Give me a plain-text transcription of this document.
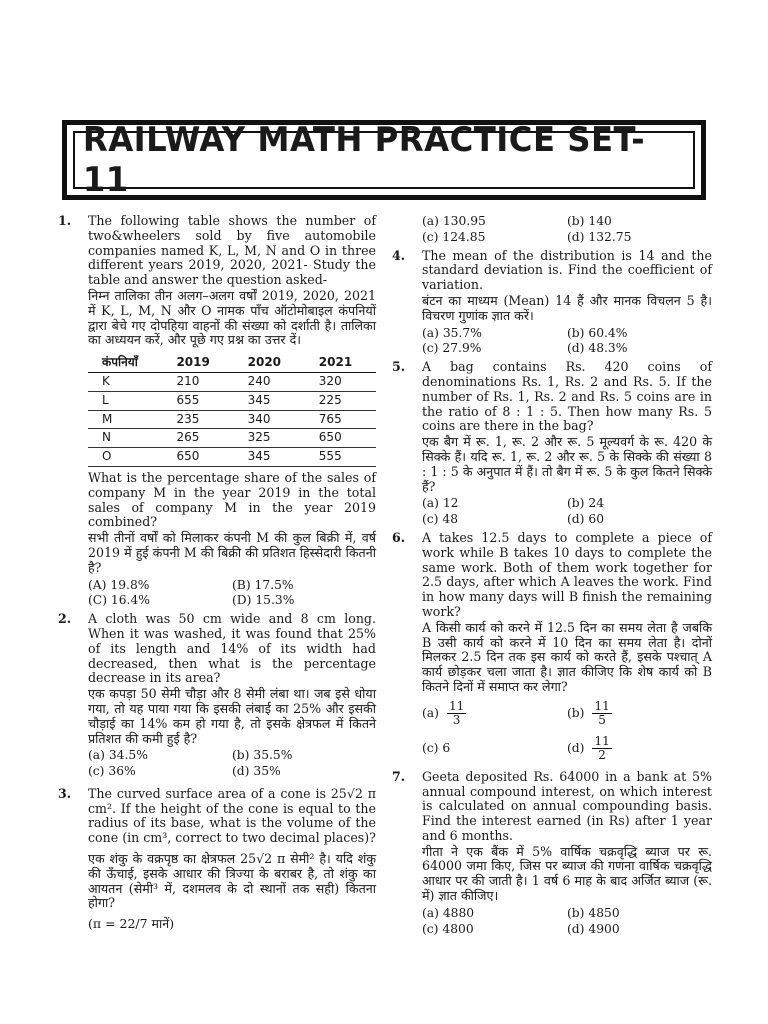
RAILWAY MATH PRACTICE SET-11
1. The following table shows the number of two&wheelers sold by five automobile companies named K, L, M, N and O in three different years 2019, 2020, 2021- Study the table and answer the question asked-
निम्न तालिका तीन अलग–अलग वर्षों 2019, 2020, 2021 में K, L, M, N और O नामक पाँच ऑटोमोबाइल कंपनियों द्वारा बेचे गए दोपहिया वाहनों की संख्या को दर्शाती है। तालिका का अध्ययन करें, और पूछे गए प्रश्न का उत्तर दें।
कंपनियाँ	2019	2020	2021
K	210	240	320
L	655	345	225
M	235	340	765
N	265	325	650
O	650	345	555
What is the percentage share of the sales of company M in the year 2019 in the total sales of company M in the year 2019 combined?
सभी तीनों वर्षों को मिलाकर कंपनी M की कुल बिक्री में, वर्ष 2019 में हुई कंपनी M की बिक्री की प्रतिशत हिस्सेदारी कितनी है?
(A) 19.8%	(B) 17.5%
(C) 16.4%	(D) 15.3%
2. A cloth was 50 cm wide and 8 cm long. When it was washed, it was found that 25% of its length and 14% of its width had decreased, then what is the percentage decrease in its area?
एक कपड़ा 50 सेमी चौड़ा और 8 सेमी लंबा था। जब इसे धोया गया, तो यह पाया गया कि इसकी लंबाई का 25% और इसकी चौड़ाई का 14% कम हो गया है, तो इसके क्षेत्रफल में कितने प्रतिशत की कमी हुई है?
(a) 34.5%	(b) 35.5%
(c) 36%	(d) 35%
3. The curved surface area of a cone is 25√2 π cm². If the height of the cone is equal to the radius of its base, what is the volume of the cone (in cm³, correct to two decimal places)?
एक शंकु के वक्रपृष्ठ का क्षेत्रफल 25√2 π सेमी² है। यदि शंकु की ऊँचाई, इसके आधार की त्रिज्या के बराबर है, तो शंकु का आयतन (सेमी³ में, दशमलव के दो स्थानों तक सही) कितना होगा?
(π = 22/7 मानें)
(a) 130.95	(b) 140
(c) 124.85	(d) 132.75
4. The mean of the distribution is 14 and the standard deviation is. Find the coefficient of variation.
बंटन का माध्यम (Mean) 14 हैं और मानक विचलन 5 है। विचरण गुणांक ज्ञात करें।
(a) 35.7%	(b) 60.4%
(c) 27.9%	(d) 48.3%
5. A bag contains Rs. 420 coins of denominations Rs. 1, Rs. 2 and Rs. 5. If the number of Rs. 1, Rs. 2 and Rs. 5 coins are in the ratio of 8 : 1 : 5. Then how many Rs. 5 coins are there in the bag?
एक बैग में रू. 1, रू. 2 और रू. 5 मूल्यवर्ग के रू. 420 के सिक्के हैं। यदि रू. 1, रू. 2 और रू. 5 के सिक्के की संख्या 8 : 1 : 5 के अनुपात में हैं। तो बैग में रू. 5 के कुल कितने सिक्के हैं?
(a) 12	(b) 24
(c) 48	(d) 60
6. A takes 12.5 days to complete a piece of work while B takes 10 days to complete the same work. Both of them work together for 2.5 days, after which A leaves the work. Find in how many days will B finish the remaining work?
A किसी कार्य को करने में 12.5 दिन का समय लेता है जबकि B उसी कार्य को करने में 10 दिन का समय लेता है। दोनों मिलकर 2.5 दिन तक इस कार्य को करते हैं, इसके पश्चात् A कार्य छोड़कर चला जाता है। ज्ञात कीजिए कि शेष कार्य को B कितने दिनों में समाप्त कर लेगा?
$(a) \frac{11}{3}$	$(b) \frac{11}{5}$
(c) 6	$(d) \frac{11}{2}$
7. Geeta deposited Rs. 64000 in a bank at 5% annual compound interest, on which interest is calculated on annual compounding basis. Find the interest earned (in Rs) after 1 year and 6 months.
गीता ने एक बैंक में 5% वार्षिक चक्रवृद्धि ब्याज पर रू. 64000 जमा किए, जिस पर ब्याज की गणना वार्षिक चक्रवृद्धि आधार पर की जाती है। 1 वर्ष 6 माह के बाद अर्जित ब्याज (रू. में) ज्ञात कीजिए।
(a) 4880	(b) 4850
(c) 4800	(d) 4900
